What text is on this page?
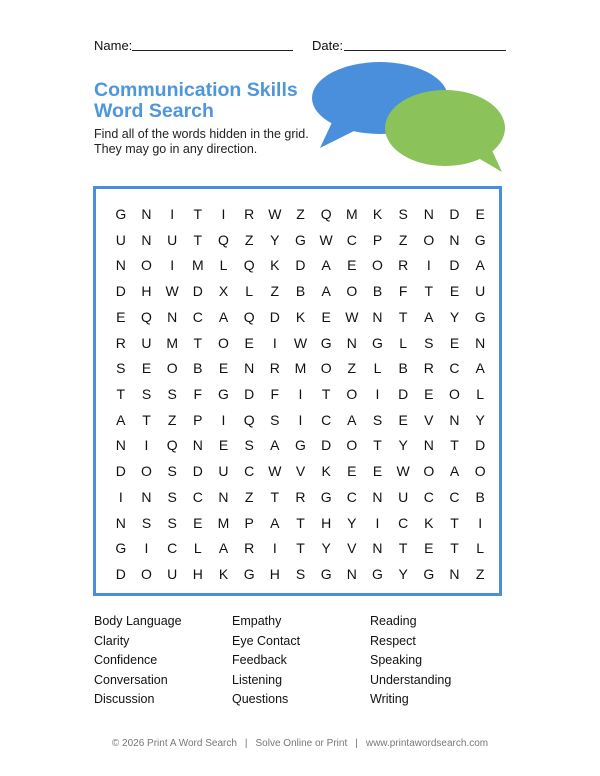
Name:	Date:
Communication Skills
Word Search

Find all of the words hidden in the grid.
They may go in any direction.

G	N	I	T	I	R W	Z	Q	M	K	S	N	D	E
U	N	U	T	Q	Z	Y	G W C	P	Z	O	N	G
N	O	I	M	L	Q	K	D	A	E	O	R	I	D	A
D	H	W D	X	L	Z	B	A	O	B	F	T	E	U
E	Q	N	C	A	Q	D	K	E	W	N	T	A	Y	G
R	U	M	T	O	E	I	W G	N	G	L	S	E	N
S	E	O	B	E	N	R	M	O	Z	L	B	R	C	A
T	S	S	F	G	D	F	I	T	O	I	D	E	O	L
A	T	Z	P	I	Q	S	I	C	A	S	E	V	N	Y
N	I	Q	N	E	S	A	G	D	O	T	Y	N	T	D
D	O	S	D	U	C W	V	K	E	E	W O	A	O
I	N	S	C	N	Z	T	R	G	C	N	U	C	C	B
N	S	S	E	M	P	A	T	H	Y	I	C	K	T	I
G	I	C	L	A	R	I	T	Y	V	N	T	E	T	L
D	O	U	H	K	G	H	S	G	N	G	Y	G	N	Z
Body Language
Clarity
Confidence
Conversation
Discussion
Empathy
Eye Contact
Feedback
Listening
Questions
Reading
Respect
Speaking
Understanding
Writing
© 2026 Print A Word Search | Solve Online or Print | www.printawordsearch.com
